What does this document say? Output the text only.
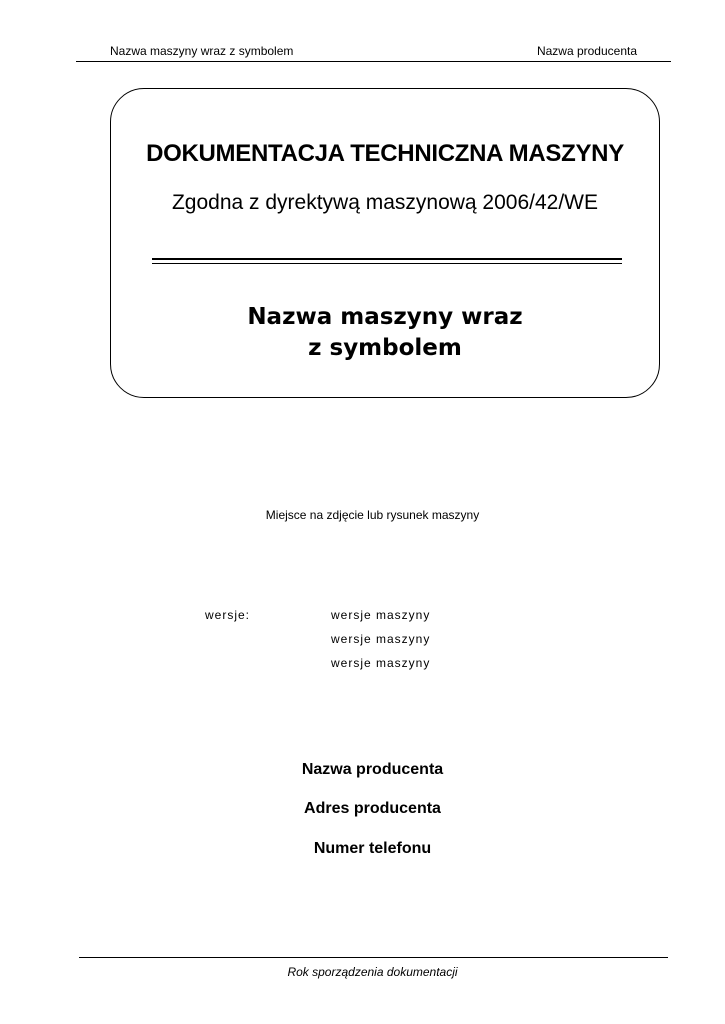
Nazwa maszyny wraz z symbolem	Nazwa producenta
DOKUMENTACJA TECHNICZNA MASZYNY
Zgodna z dyrektywą maszynową 2006/42/WE
Nazwa maszyny wraz
z symbolem
Miejsce na zdjęcie lub rysunek maszyny
wersje:	wersje maszyny
wersje maszyny
wersje maszyny
Nazwa producenta
Adres producenta
Numer telefonu
Rok sporządzenia dokumentacji
